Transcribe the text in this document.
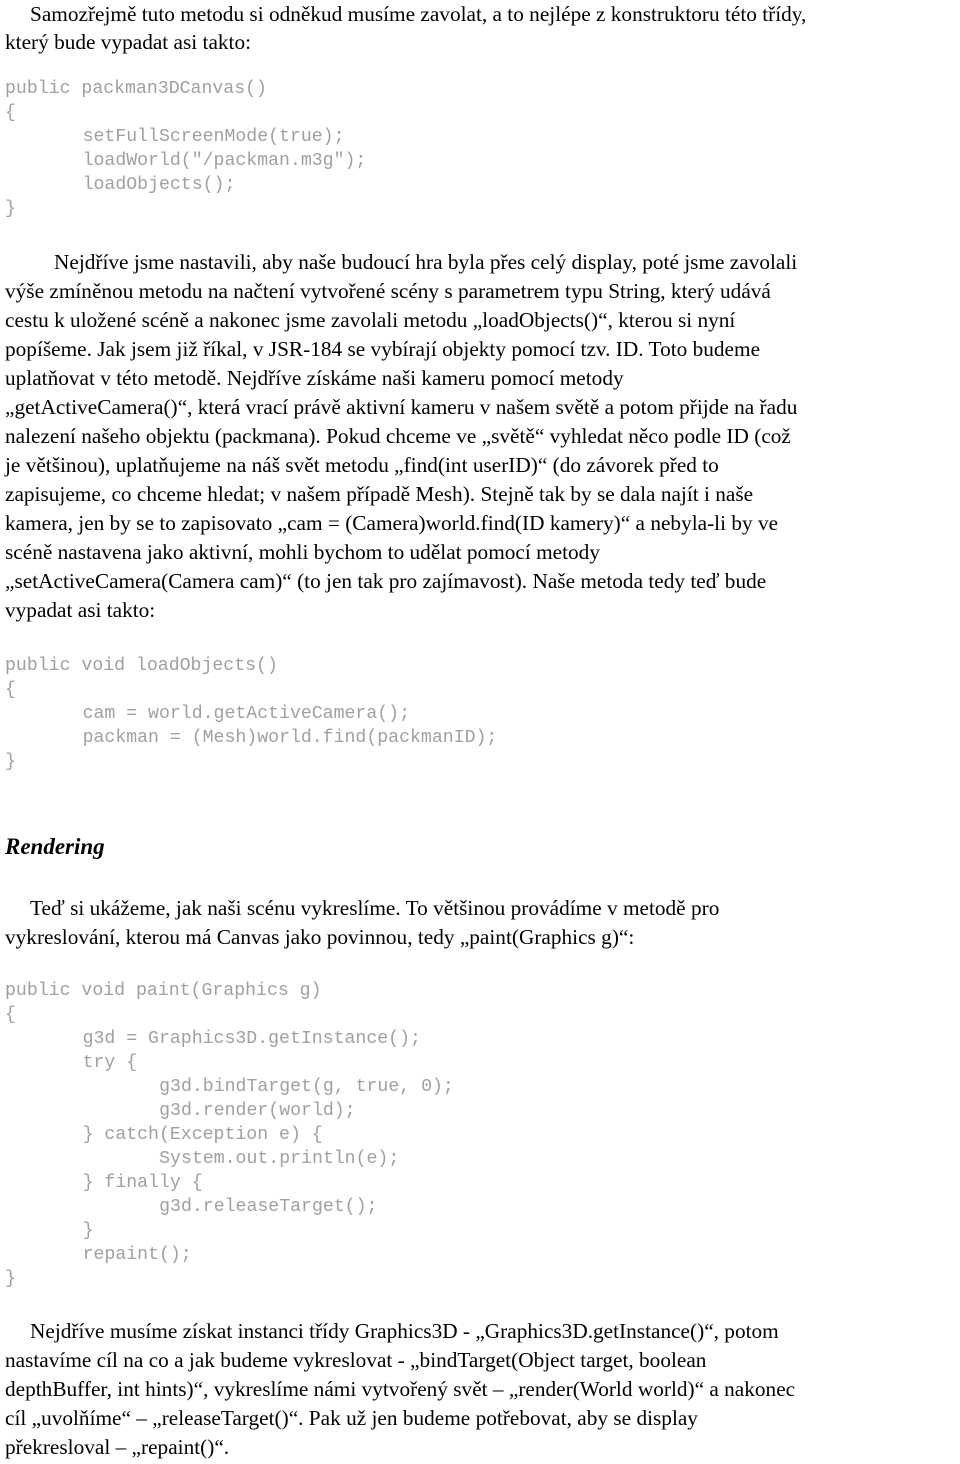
Samozřejmě tuto metodu si odněkud musíme zavolat, a to nejlépe z konstruktoru této třídy,
který bude vypadat asi takto:
public packman3DCanvas()
{
setFullScreenMode(true);
loadWorld("/packman.m3g");
loadObjects();
}
Nejdříve jsme nastavili, aby naše budoucí hra byla přes celý display, poté jsme zavolali
výše zmíněnou metodu na načtení vytvořené scény s parametrem typu String, který udává
cestu k uložené scéně a nakonec jsme zavolali metodu „loadObjects()“, kterou si nyní
popíšeme. Jak jsem již říkal, v JSR-184 se vybírají objekty pomocí tzv. ID. Toto budeme
uplatňovat v této metodě. Nejdříve získáme naši kameru pomocí metody
„getActiveCamera()“, která vrací právě aktivní kameru v našem světě a potom přijde na řadu
nalezení našeho objektu (packmana). Pokud chceme ve „světě“ vyhledat něco podle ID (což
je většinou), uplatňujeme na náš svět metodu „find(int userID)“ (do závorek před to
zapisujeme, co chceme hledat; v našem případě Mesh). Stejně tak by se dala najít i naše
kamera, jen by se to zapisovato „cam = (Camera)world.find(ID kamery)“ a nebyla-li by ve
scéně nastavena jako aktivní, mohli bychom to udělat pomocí metody
„setActiveCamera(Camera cam)“ (to jen tak pro zajímavost). Naše metoda tedy teď bude
vypadat asi takto:
public void loadObjects()
{
cam = world.getActiveCamera();
packman = (Mesh)world.find(packmanID);
}
Rendering
Teď si ukážeme, jak naši scénu vykreslíme. To většinou provádíme v metodě pro
vykreslování, kterou má Canvas jako povinnou, tedy „paint(Graphics g)“:
public void paint(Graphics g)
{
g3d = Graphics3D.getInstance();
try {
g3d.bindTarget(g, true, 0);
g3d.render(world);
} catch(Exception e) {
System.out.println(e);
} finally {
g3d.releaseTarget();
}
repaint();
}
Nejdříve musíme získat instanci třídy Graphics3D - „Graphics3D.getInstance()“, potom
nastavíme cíl na co a jak budeme vykreslovat - „bindTarget(Object target, boolean
depthBuffer, int hints)“, vykreslíme námi vytvořený svět – „render(World world)“ a nakonec
cíl „uvolňíme“ – „releaseTarget()“. Pak už jen budeme potřebovat, aby se display
překresloval – „repaint()“.
